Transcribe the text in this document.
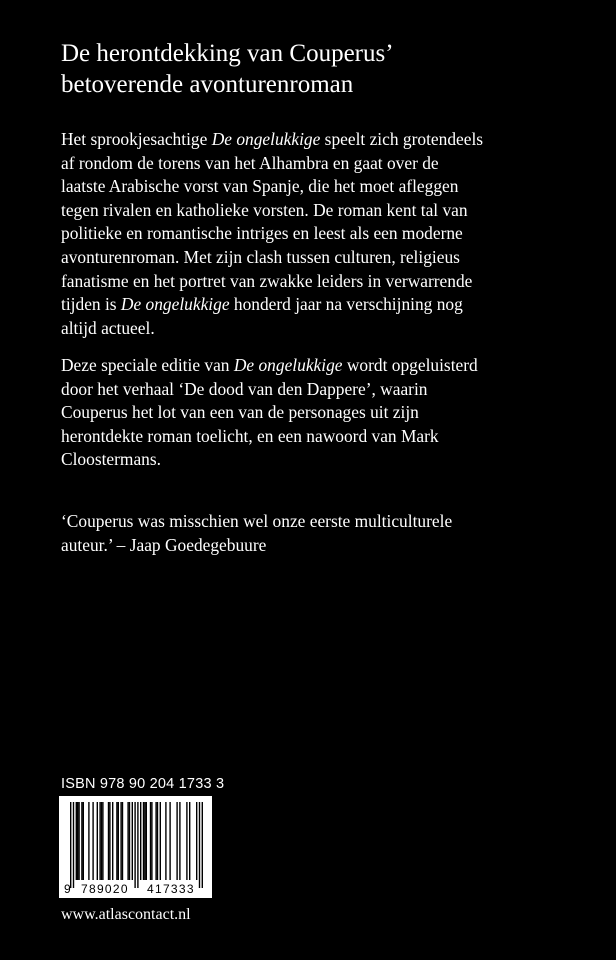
De herontdekking van Couperus’
betoverende avonturenroman
Het sprookjesachtige De ongelukkige speelt zich grotendeels
af rondom de torens van het Alhambra en gaat over de
laatste Arabische vorst van Spanje, die het moet afleggen
tegen rivalen en katholieke vorsten. De roman kent tal van
politieke en romantische intriges en leest als een moderne
avonturenroman. Met zijn clash tussen culturen, religieus
fanatisme en het portret van zwakke leiders in verwarrende
tijden is De ongelukkige honderd jaar na verschijning nog
altijd actueel.
Deze speciale editie van De ongelukkige wordt opgeluisterd
door het verhaal ‘De dood van den Dappere’, waarin
Couperus het lot van een van de personages uit zijn
herontdekte roman toelicht, en een nawoord van Mark
Cloostermans.
‘Couperus was misschien wel onze eerste multiculturele
auteur.’ – Jaap Goedegebuure
ISBN 978 90 204 1733 3
9 789020 417333
www.atlascontact.nl
